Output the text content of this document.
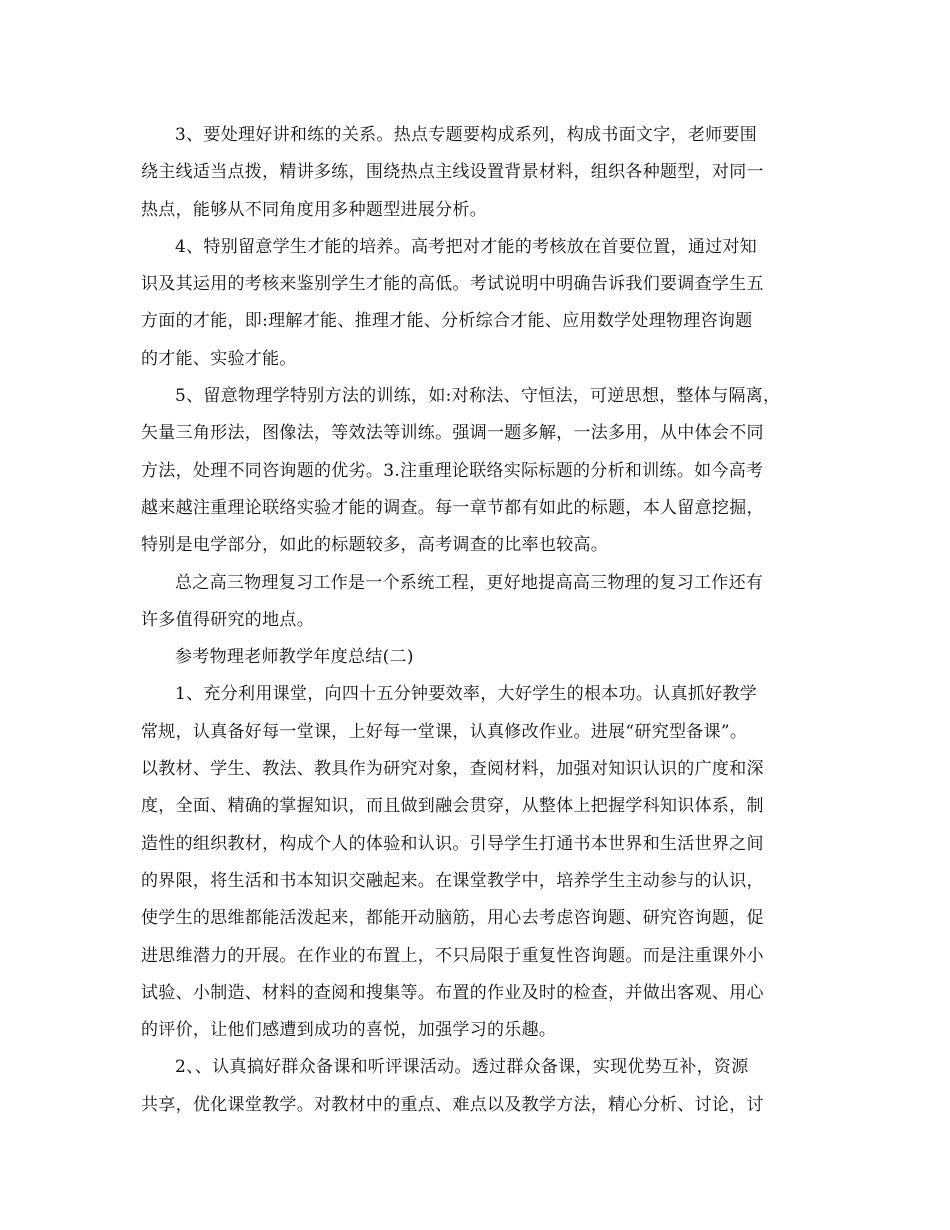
3、要处理好讲和练的关系。热点专题要构成系列，构成书面文字，老师要围
绕主线适当点拨，精讲多练，围绕热点主线设置背景材料，组织各种题型，对同一
热点，能够从不同角度用多种题型进展分析。
4、特别留意学生才能的培养。高考把对才能的考核放在首要位置，通过对知
识及其运用的考核来鉴别学生才能的高低。考试说明中明确告诉我们要调查学生五
方面的才能，即:理解才能、推理才能、分析综合才能、应用数学处理物理咨询题
的才能、实验才能。
5、留意物理学特别方法的训练，如:对称法、守恒法，可逆思想，整体与隔离，
矢量三角形法，图像法，等效法等训练。强调一题多解，一法多用，从中体会不同
方法，处理不同咨询题的优劣。3.注重理论联络实际标题的分析和训练。如今高考
越来越注重理论联络实验才能的调查。每一章节都有如此的标题，本人留意挖掘，
特别是电学部分，如此的标题较多，高考调查的比率也较高。
总之高三物理复习工作是一个系统工程，更好地提高高三物理的复习工作还有
许多值得研究的地点。
参考物理老师教学年度总结(二)
1、充分利用课堂，向四十五分钟要效率，大好学生的根本功。认真抓好教学
常规，认真备好每一堂课，上好每一堂课，认真修改作业。进展“研究型备课”。
以教材、学生、教法、教具作为研究对象，查阅材料，加强对知识认识的广度和深
度，全面、精确的掌握知识，而且做到融会贯穿，从整体上把握学科知识体系，制
造性的组织教材，构成个人的体验和认识。引导学生打通书本世界和生活世界之间
的界限，将生活和书本知识交融起来。在课堂教学中，培养学生主动参与的认识，
使学生的思维都能活泼起来，都能开动脑筋，用心去考虑咨询题、研究咨询题，促
进思维潜力的开展。在作业的布置上，不只局限于重复性咨询题。而是注重课外小
试验、小制造、材料的查阅和搜集等。布置的作业及时的检查，并做出客观、用心
的评价，让他们感遭到成功的喜悦，加强学习的乐趣。
2、、认真搞好群众备课和听评课活动。透过群众备课，实现优势互补，资源
共享，优化课堂教学。对教材中的重点、难点以及教学方法，精心分析、讨论，讨
